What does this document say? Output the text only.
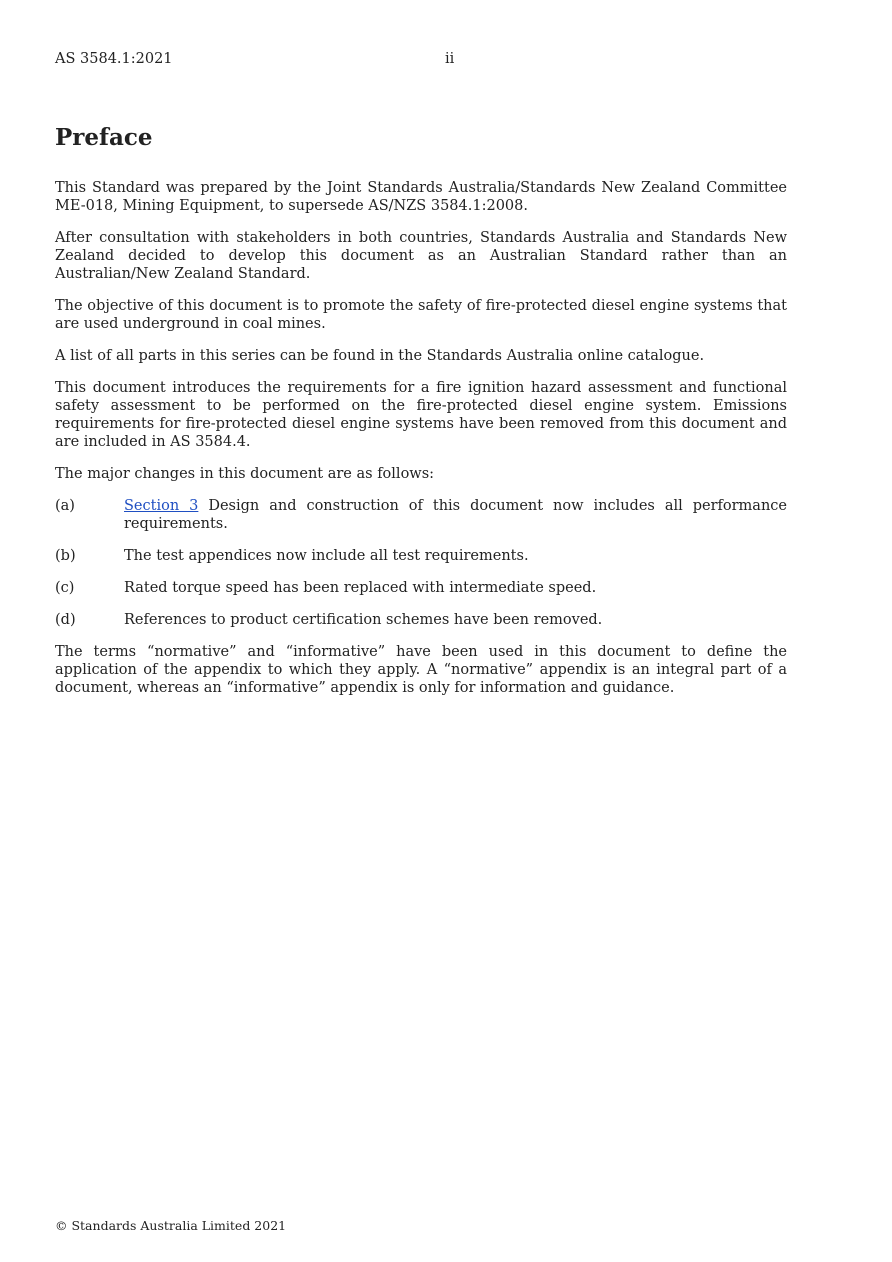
AS 3584.1:2021	ii
Preface

This Standard was prepared by the Joint Standards Australia/Standards New Zealand Committee ME-018, Mining Equipment, to supersede AS/NZS 3584.1:2008.

After consultation with stakeholders in both countries, Standards Australia and Standards New Zealand decided to develop this document as an Australian Standard rather than an Australian/New Zealand Standard.

The objective of this document is to promote the safety of fire-protected diesel engine systems that are used underground in coal mines.

A list of all parts in this series can be found in the Standards Australia online catalogue.

This document introduces the requirements for a fire ignition hazard assessment and functional safety assessment to be performed on the fire-protected diesel engine system. Emissions requirements for fire-protected diesel engine systems have been removed from this document and are included in AS 3584.4.

The major changes in this document are as follows:

(a)	Section 3 Design and construction of this document now includes all performance requirements.
(b)	The test appendices now include all test requirements.
(c)	Rated torque speed has been replaced with intermediate speed.
(d)	References to product certification schemes have been removed.

The terms “normative” and “informative” have been used in this document to define the application of the appendix to which they apply. A “normative” appendix is an integral part of a document, whereas an “informative” appendix is only for information and guidance.

© Standards Australia Limited 2021
